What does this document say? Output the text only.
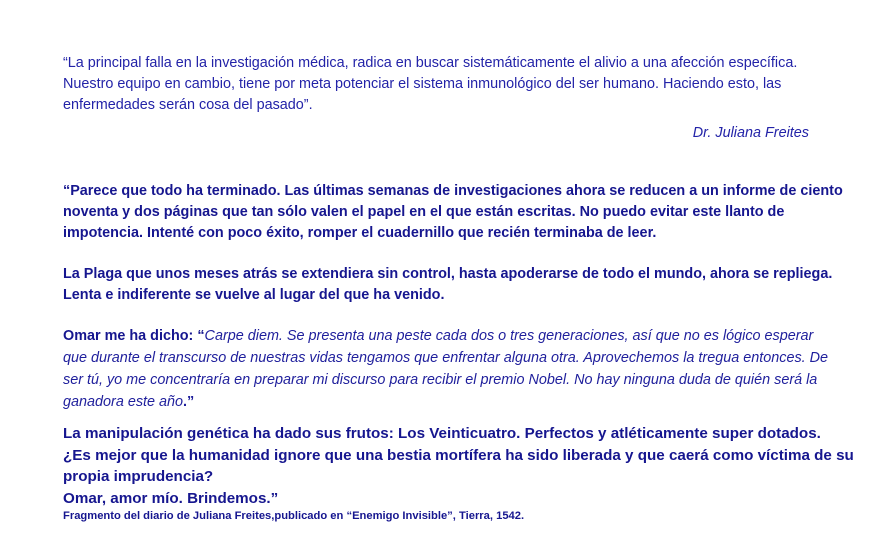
“La principal falla en la investigación médica, radica en buscar sistemáticamente el alivio a una afección específica. Nuestro equipo en cambio, tiene por meta potenciar el sistema inmunológico del ser humano. Haciendo esto, las enfermedades serán cosa del pasado”.

Dr. Juliana Freites

“Parece que todo ha terminado. Las últimas semanas de investigaciones ahora se reducen a un informe de ciento noventa y dos páginas que tan sólo valen el papel en el que están escritas. No puedo evitar este llanto de impotencia. Intenté con poco éxito, romper el cuadernillo que recién terminaba de leer.

La Plaga que unos meses atrás se extendiera sin control, hasta apoderarse de todo el mundo, ahora se repliega. Lenta e indiferente se vuelve al lugar del que ha venido.

Omar me ha dicho: “Carpe diem. Se presenta una peste cada dos o tres generaciones, así que no es lógico esperar que durante el transcurso de nuestras vidas tengamos que enfrentar alguna otra. Aprovechemos la tregua entonces. De ser tú, yo me concentraría en preparar mi discurso para recibir el premio Nobel. No hay ninguna duda de quién será la ganadora este año.”

La manipulación genética ha dado sus frutos: Los Veinticuatro. Perfectos y atléticamente super dotados.
¿Es mejor que la humanidad ignore que una bestia mortífera ha sido liberada y que caerá como víctima de su propia imprudencia?
Omar, amor mío. Brindemos.”

Fragmento del diario de Juliana Freites,publicado en “Enemigo Invisible”, Tierra, 1542.
